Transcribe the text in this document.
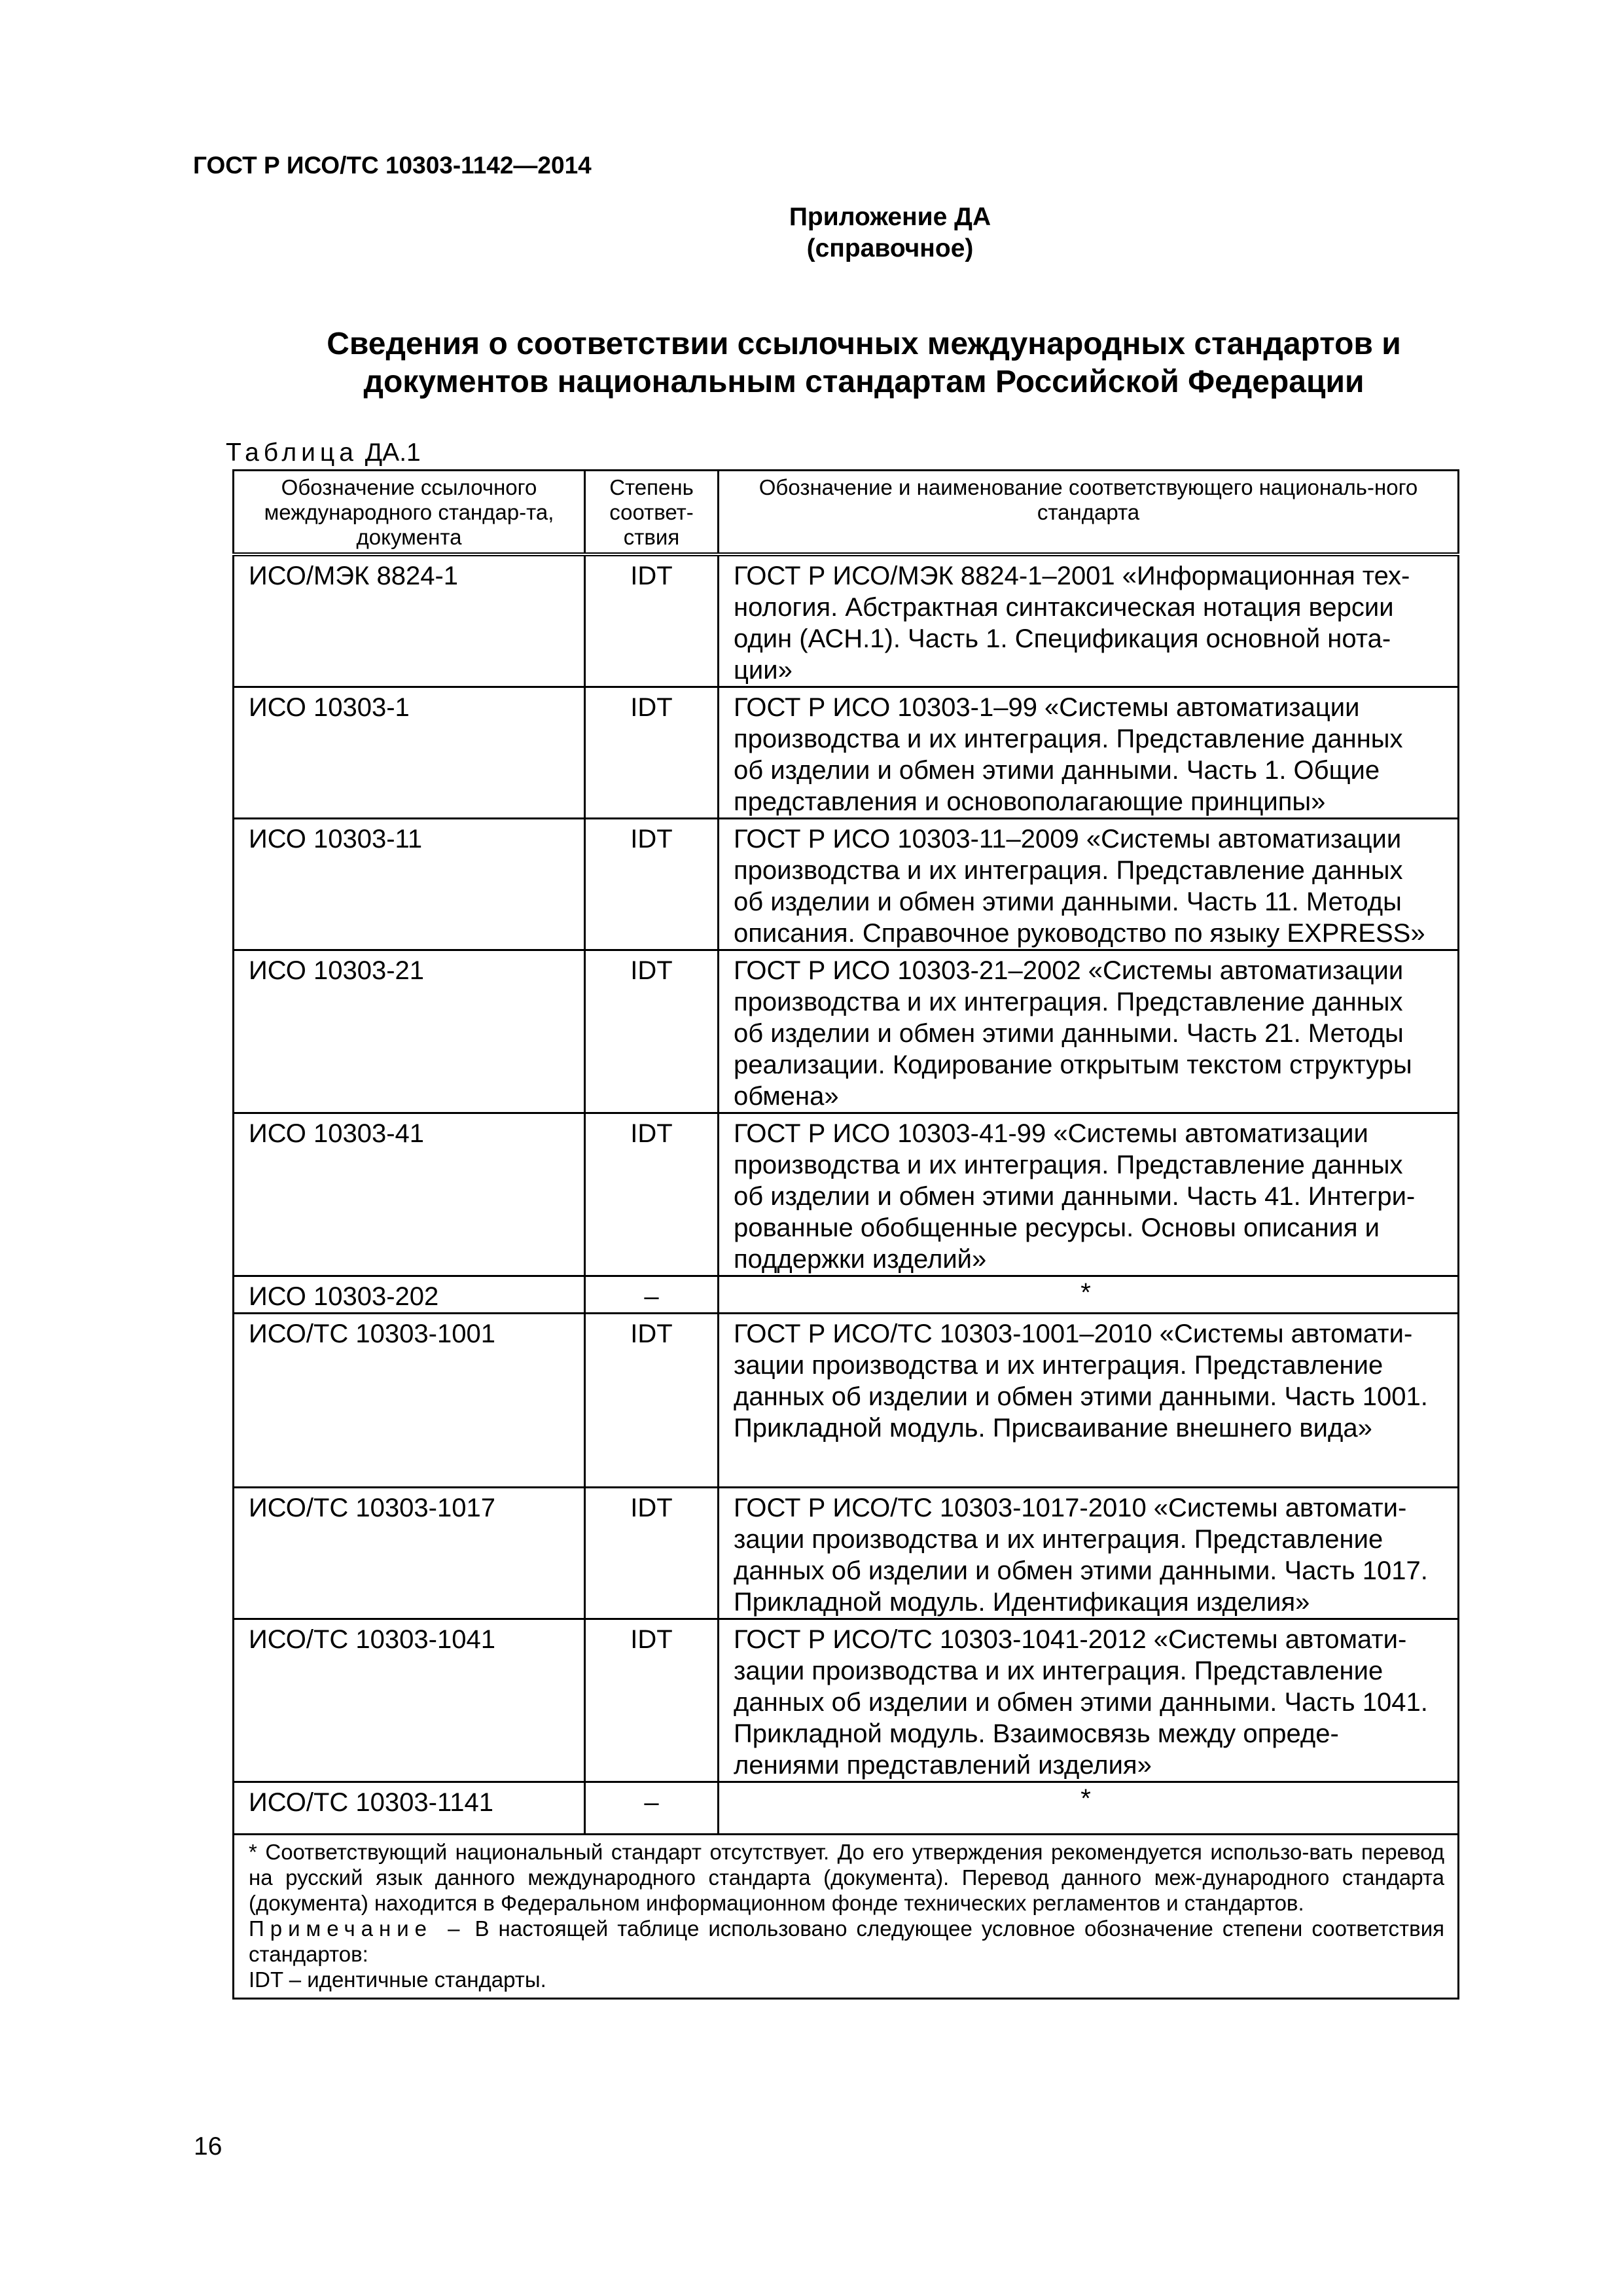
ГОСТ Р ИСО/ТС 10303-1142—2014
Приложение ДА
(справочное)
Сведения о соответствии ссылочных международных стандартов и
документов национальным стандартам Российской Федерации
Таблица ДА.1
Обозначение ссылочного международного стандар-та, документа	Степень соответ-ствия	Обозначение и наименование соответствующего националь-ного стандарта
ИСО/МЭК 8824-1	IDT	ГОСТ Р ИСО/МЭК 8824-1–2001 «Информационная тех-нология. Абстрактная синтаксическая нотация версии один (АСН.1). Часть 1. Спецификация основной нота-ции»
ИСО 10303-1	IDT	ГОСТ Р ИСО 10303-1–99 «Системы автоматизации производства и их интеграция. Представление данных об изделии и обмен этими данными. Часть 1. Общие представления и основополагающие принципы»
ИСО 10303-11	IDT	ГОСТ Р ИСО 10303-11–2009 «Системы автоматизации производства и их интеграция. Представление данных об изделии и обмен этими данными. Часть 11. Методы описания. Справочное руководство по языку EXPRESS»
ИСО 10303-21	IDT	ГОСТ Р ИСО 10303-21–2002 «Системы автоматизации производства и их интеграция. Представление данных об изделии и обмен этими данными. Часть 21. Методы реализации. Кодирование открытым текстом структуры обмена»
ИСО 10303-41	IDT	ГОСТ Р ИСО 10303-41-99 «Системы автоматизации производства и их интеграция. Представление данных об изделии и обмен этими данными. Часть 41. Интегри-рованные обобщенные ресурсы. Основы описания и поддержки изделий»
ИСО 10303-202	–	*
ИСО/ТС 10303-1001	IDT	ГОСТ Р ИСО/ТС 10303-1001–2010 «Системы автомати-зации производства и их интеграция. Представление данных об изделии и обмен этими данными. Часть 1001. Прикладной модуль. Присваивание внешнего вида»
ИСО/ТС 10303-1017	IDT	ГОСТ Р ИСО/ТС 10303-1017-2010 «Системы автомати-зации производства и их интеграция. Представление данных об изделии и обмен этими данными. Часть 1017. Прикладной модуль. Идентификация изделия»
ИСО/ТС 10303-1041	IDT	ГОСТ Р ИСО/ТС 10303-1041-2012 «Системы автомати-зации производства и их интеграция. Представление данных об изделии и обмен этими данными. Часть 1041. Прикладной модуль. Взаимосвязь между опреде-лениями представлений изделия»
ИСО/ТС 10303-1141	–	*

* Соответствующий национальный стандарт отсутствует. До его утверждения рекомендуется использо-вать перевод на русский язык данного международного стандарта (документа). Перевод данного меж-дународного стандарта (документа) находится в Федеральном информационном фонде технических регламентов и стандартов.
Примечание – В настоящей таблице использовано следующее условное обозначение степени соответствия стандартов:
IDT – идентичные стандарты.		
16
